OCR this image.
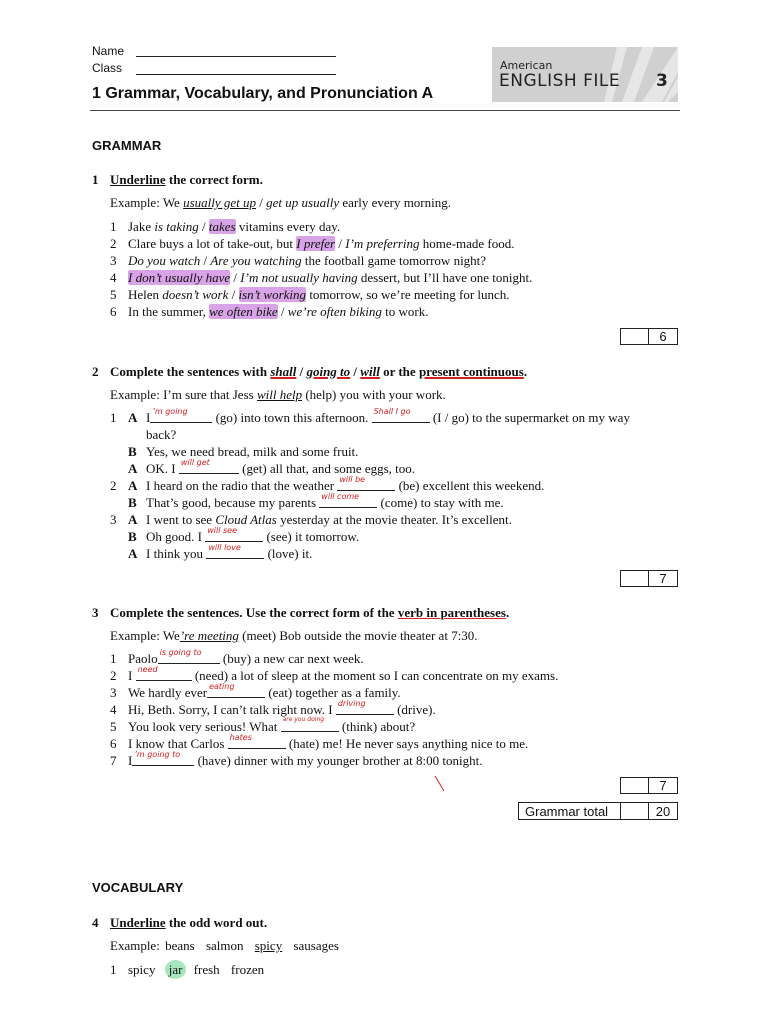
Name
Class
1 Grammar, Vocabulary, and Pronunciation A
American
ENGLISH FILE 3
GRAMMAR
1 Underline the correct form.
Example: We usually get up / get up usually early every morning.
1 Jake is taking / takes vitamins every day.
2 Clare buys a lot of take-out, but I prefer / I’m preferring home-made food.
3 Do you watch / Are you watching the football game tomorrow night?
4 I don’t usually have / I’m not usually having dessert, but I’ll have one tonight.
5 Helen doesn’t work / isn’t working tomorrow, so we’re meeting for lunch.
6 In the summer, we often bike / we’re often biking to work.
6
2 Complete the sentences with shall / going to / will or the present continuous.
Example: I’m sure that Jess will help (help) you with your work.
1 A I ’m going (go) into town this afternoon. Shall I go (I / go) to the supermarket on my way
back?
B Yes, we need bread, milk and some fruit.
A OK. I will get (get) all that, and some eggs, too.
2 A I heard on the radio that the weather will be (be) excellent this weekend.
B That’s good, because my parents will come (come) to stay with me.
3 A I went to see Cloud Atlas yesterday at the movie theater. It’s excellent.
B Oh good. I will see (see) it tomorrow.
A I think you will love (love) it.
7
3 Complete the sentences. Use the correct form of the verb in parentheses.
Example: We’re meeting (meet) Bob outside the movie theater at 7:30.
1 Paolo is going to (buy) a new car next week.
2 I need	(need) a lot of sleep at the moment so I can concentrate on my exams.
3 We hardly ever eating (eat) together as a family.
4 Hi, Beth. Sorry, I can’t talk right now. I driving (drive).
5 You look very serious! What are you doing (think) about?
6 I know that Carlos hates	(hate) me! He never says anything nice to me.
7 I ’m going to (have) dinner with my younger brother at 8:00 tonight.
7
Grammar total	20
VOCABULARY
4 Underline the odd word out.
Example: beans salmon spicy sausages
1 spicy jar fresh frozen
